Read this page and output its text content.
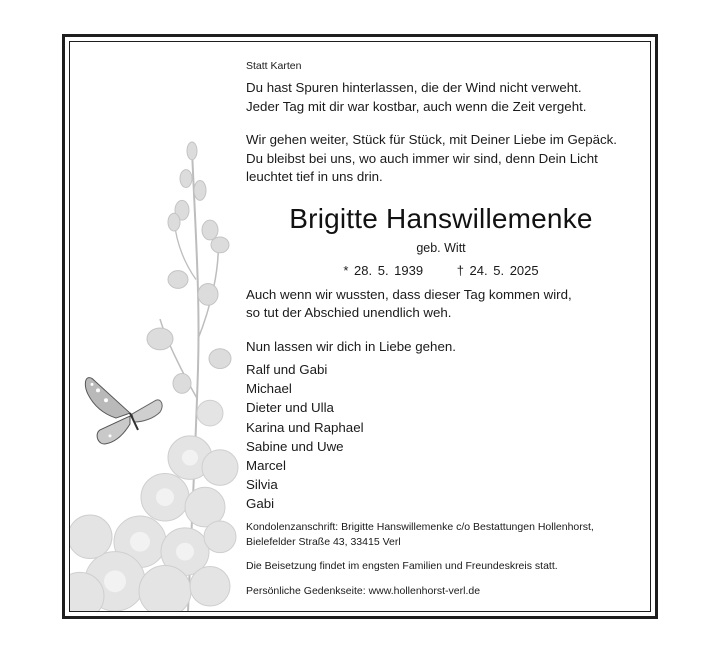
Statt Karten
Du hast Spuren hinterlassen, die der Wind nicht verweht.
Jeder Tag mit dir war kostbar, auch wenn die Zeit vergeht.
Wir gehen weiter, Stück für Stück, mit Deiner Liebe im Gepäck.
Du bleibst bei uns, wo auch immer wir sind, denn Dein Licht
leuchtet tief in uns drin.
Brigitte Hanswillemenke
geb. Witt
* 28. 5. 1939	† 24. 5. 2025
Auch wenn wir wussten, dass dieser Tag kommen wird,
so tut der Abschied unendlich weh.
Nun lassen wir dich in Liebe gehen.
Ralf und Gabi
Michael
Dieter und Ulla
Karina und Raphael
Sabine und Uwe
Marcel
Silvia
Gabi
Kondolenzanschrift: Brigitte Hanswillemenke c/o Bestattungen Hollenhorst,
Bielefelder Straße 43, 33415 Verl
Die Beisetzung findet im engsten Familien und Freundeskreis statt.
Persönliche Gedenkseite: www.hollenhorst-verl.de
